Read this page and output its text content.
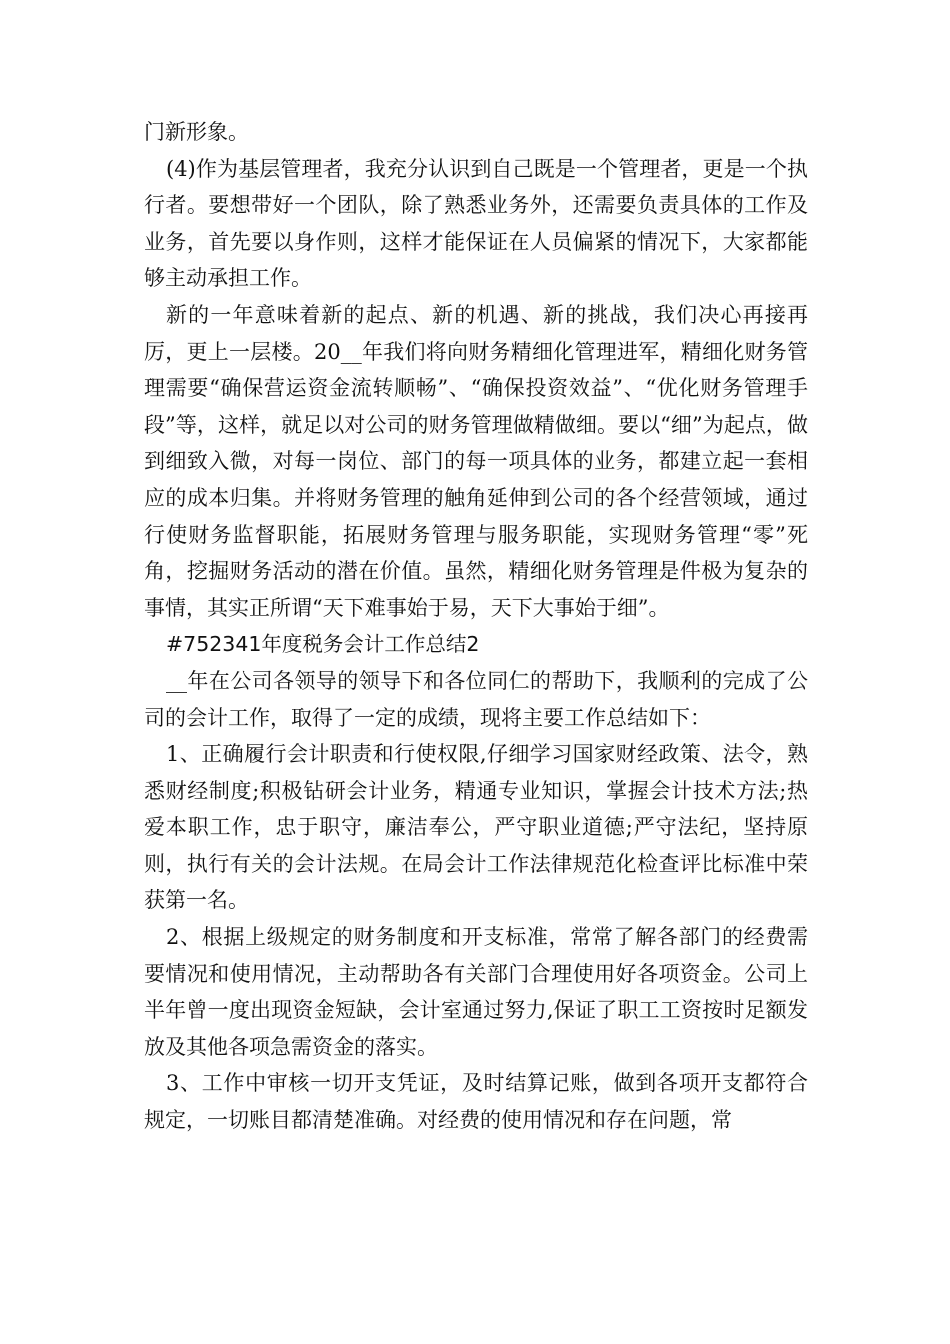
门新形象。

(4)作为基层管理者，我充分认识到自己既是一个管理者，更是一个执行者。要想带好一个团队，除了熟悉业务外，还需要负责具体的工作及业务，首先要以身作则，这样才能保证在人员偏紧的情况下，大家都能够主动承担工作。

新的一年意味着新的起点、新的机遇、新的挑战，我们决心再接再厉，更上一层楼。20__年我们将向财务精细化管理进军，精细化财务管理需要“确保营运资金流转顺畅”、“确保投资效益”、“优化财务管理手段”等，这样，就足以对公司的财务管理做精做细。要以“细”为起点，做到细致入微，对每一岗位、部门的每一项具体的业务，都建立起一套相应的成本归集。并将财务管理的触角延伸到公司的各个经营领域，通过行使财务监督职能，拓展财务管理与服务职能，实现财务管理“零”死角，挖掘财务活动的潜在价值。虽然，精细化财务管理是件极为复杂的事情，其实正所谓“天下难事始于易，天下大事始于细”。

#752341年度税务会计工作总结2

__年在公司各领导的领导下和各位同仁的帮助下，我顺利的完成了公司的会计工作，取得了一定的成绩，现将主要工作总结如下：

1、正确履行会计职责和行使权限,仔细学习国家财经政策、法令，熟悉财经制度;积极钻研会计业务，精通专业知识，掌握会计技术方法;热爱本职工作，忠于职守，廉洁奉公，严守职业道德;严守法纪，坚持原则，执行有关的会计法规。在局会计工作法律规范化检查评比标准中荣获第一名。

2、根据上级规定的财务制度和开支标准，常常了解各部门的经费需要情况和使用情况，主动帮助各有关部门合理使用好各项资金。公司上半年曾一度出现资金短缺，会计室通过努力,保证了职工工资按时足额发放及其他各项急需资金的落实。

3、工作中审核一切开支凭证，及时结算记账，做到各项开支都符合规定，一切账目都清楚准确。对经费的使用情况和存在问题，常
